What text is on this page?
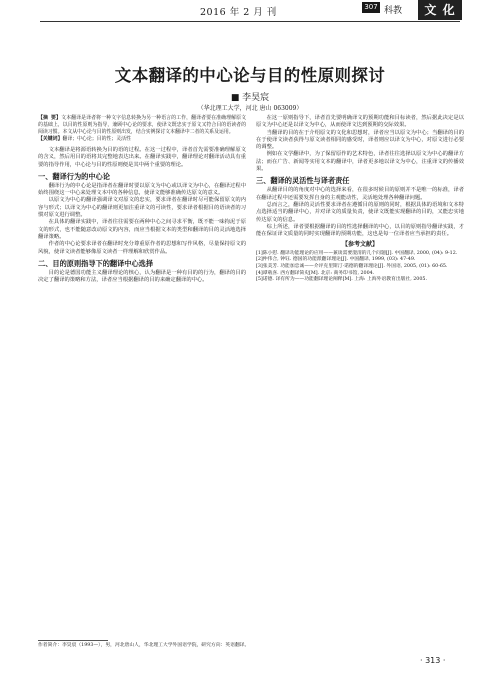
2016 年 2 月 刊	307 科教	文 化
文本翻译的中心论与目的性原则探讨
■ 李昊宸
（华北理工大学，河北 唐山 063009）
【摘 要】文本翻译是译者将一种文字信息转换为另一种语言的工作，翻译者要在准确理解原文的基础上，以目的性原则为指导，兼顾中心论的要求，使译文既忠实于原文又符合目的语读者的阅读习惯。本文从中心论与目的性原则出发，结合实例探讨文本翻译中二者的关系及运用。
【关键词】翻译；中心论；目的性；灵活性

文本翻译是将源语转换为目的语的过程。在这一过程中，译者首先需要准确理解原文的含义，然后用目的语将其完整地表达出来。在翻译实践中，翻译理论对翻译活动具有重要的指导作用，中心论与目的性原则便是其中两个重要的理论。

一、翻译行为的中心论

翻译行为的中心论是指译者在翻译时要以原文为中心或以译文为中心，在翻译过程中始终围绕这一中心来处理文本中的各种信息，使译文能够准确传达原文的意义。

以原文为中心的翻译强调译文对原文的忠实，要求译者在翻译时尽可能保留原文的内容与形式；以译文为中心的翻译则更加注重译文的可读性，要求译者根据目的语读者的习惯对原文进行调整。

在具体的翻译实践中，译者往往需要在两种中心之间寻求平衡，既不能一味拘泥于原文的形式，也不能随意改动原文的内容，而应当根据文本的类型和翻译的目的灵活地选择翻译策略。

作者的中心论要求译者在翻译时充分尊重原作者的思想和写作风格，尽量保持原文的风貌，使译文读者能够像原文读者一样理解和欣赏作品。

二、目的原则指导下的翻译中心选择

目的论是德国功能主义翻译理论的核心，认为翻译是一种有目的的行为，翻译的目的决定了翻译的策略和方法，译者应当根据翻译的目的来确定翻译的中心。

在这一原则指导下，译者首先要明确译文的预期功能和目标读者，然后据此决定是以原文为中心还是以译文为中心，从而使译文达到预期的交际效果。

当翻译的目的在于介绍原文的文化和思想时，译者应当以原文为中心；当翻译的目的在于使译文读者获得与原文读者相同的感受时，译者则应以译文为中心，对原文进行必要的调整。

例如在文学翻译中，为了保留原作的艺术特色，译者往往选择以原文为中心的翻译方法；而在广告、新闻等实用文本的翻译中，译者更多地以译文为中心，注重译文的传播效果。

三、翻译的灵活性与译者责任

从翻译目的的角度对中心的选择来看，在很多时候目的原则并不是唯一的标准，译者在翻译过程中还需要发挥自身的主观能动性，灵活地处理各种翻译问题。

总而言之，翻译的灵活性要求译者在遵循目的原则的同时，根据具体的语境和文本特点选择适当的翻译中心，并对译文的质量负责，使译文既能实现翻译的目的，又能忠实地传达原文的信息。

综上所述，译者要根据翻译的目的性选择翻译的中心，以目的原则指导翻译实践，才能在保证译文质量的同时实现翻译的预期功能，这也是每一位译者应当承担的责任。

【参考文献】
[1]陈小慰. 翻译功能理论的应用——兼谈需要澄清的几个问题[J]. 中国翻译, 2000, (04): 9-12.
[2]仲伟合, 钟钰. 德国的功能派翻译理论[J]. 中国翻译, 1999, (03): 47-49.
[3]张美芳. 功能加忠诚——介评克里斯汀·诺德的翻译理论[J]. 外国语, 2005, (01): 60-65.
[4]谭载喜. 西方翻译简史[M]. 北京: 商务印书馆, 2004.
[5]诺德. 译有所为——功能翻译理论阐释[M]. 上海: 上海外语教育出版社, 2005.
作者简介：李昊宸（1993—），男，河北唐山人，华北理工大学外国语学院，研究方向：英语翻译。
· 313 ·
